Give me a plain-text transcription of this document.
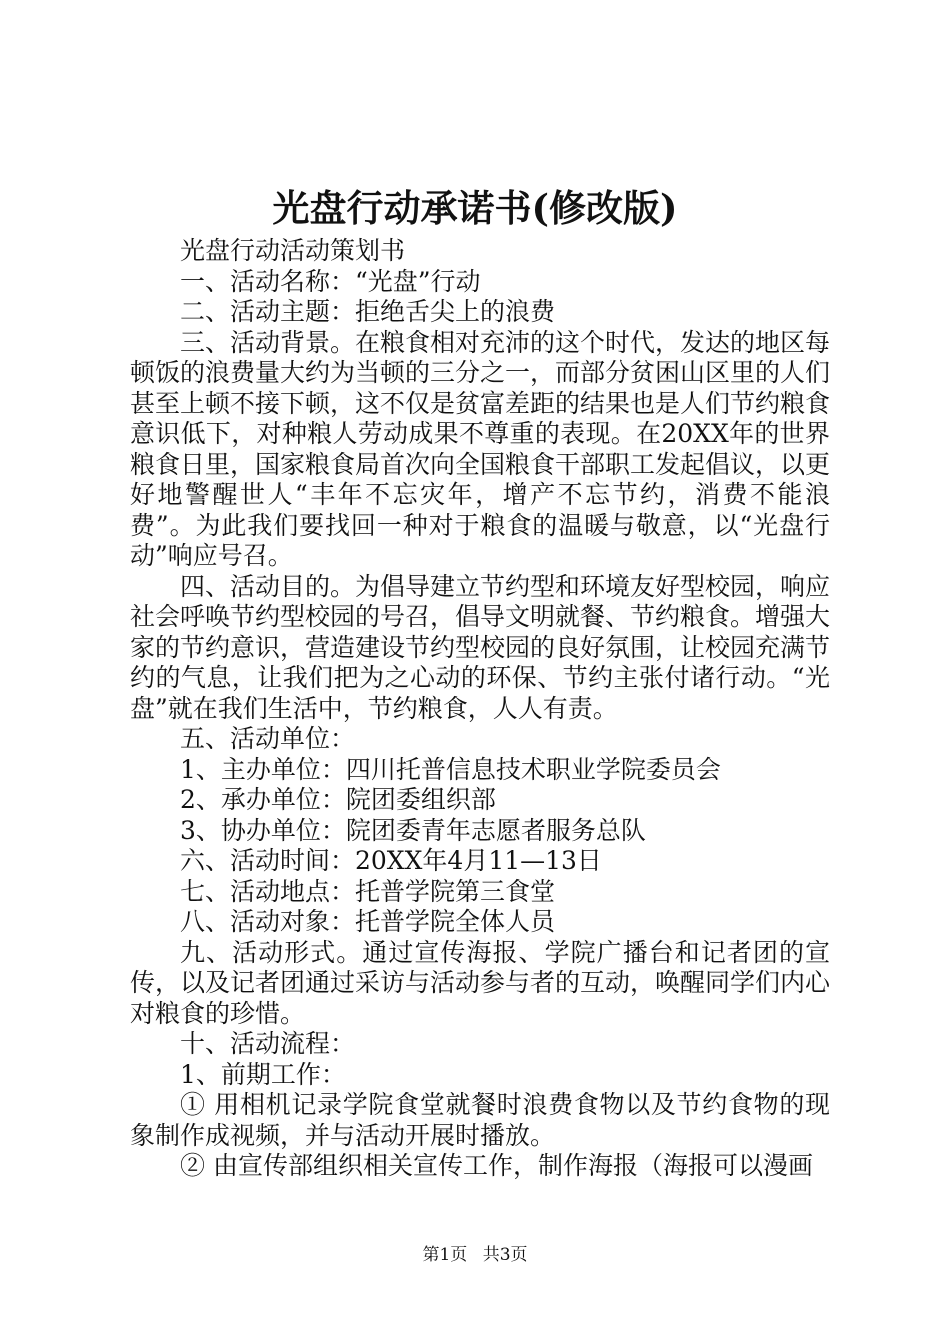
光盘行动承诺书(修改版)

光盘行动活动策划书

一、活动名称：“光盘”行动

二、活动主题：拒绝舌尖上的浪费

三、活动背景。在粮食相对充沛的这个时代，发达的地区每顿饭的浪费量大约为当顿的三分之一，而部分贫困山区里的人们甚至上顿不接下顿，这不仅是贫富差距的结果也是人们节约粮食意识低下，对种粮人劳动成果不尊重的表现。在20XX年的世界粮食日里，国家粮食局首次向全国粮食干部职工发起倡议，以更好地警醒世人“丰年不忘灾年，增产不忘节约，消费不能浪费”。为此我们要找回一种对于粮食的温暖与敬意，以“光盘行动”响应号召。

四、活动目的。为倡导建立节约型和环境友好型校园，响应社会呼唤节约型校园的号召，倡导文明就餐、节约粮食。增强大家的节约意识，营造建设节约型校园的良好氛围，让校园充满节约的气息，让我们把为之心动的环保、节约主张付诸行动。“光盘”就在我们生活中，节约粮食，人人有责。

五、活动单位：

1、主办单位：四川托普信息技术职业学院委员会

2、承办单位：院团委组织部

3、协办单位：院团委青年志愿者服务总队

六、活动时间：20XX年4月11—13日

七、活动地点：托普学院第三食堂

八、活动对象：托普学院全体人员

九、活动形式。通过宣传海报、学院广播台和记者团的宣传，以及记者团通过采访与活动参与者的互动，唤醒同学们内心对粮食的珍惜。

十、活动流程：

1、前期工作：

① 用相机记录学院食堂就餐时浪费食物以及节约食物的现象制作成视频，并与活动开展时播放。

② 由宣传部组织相关宣传工作，制作海报（海报可以漫画

第1页 共3页
